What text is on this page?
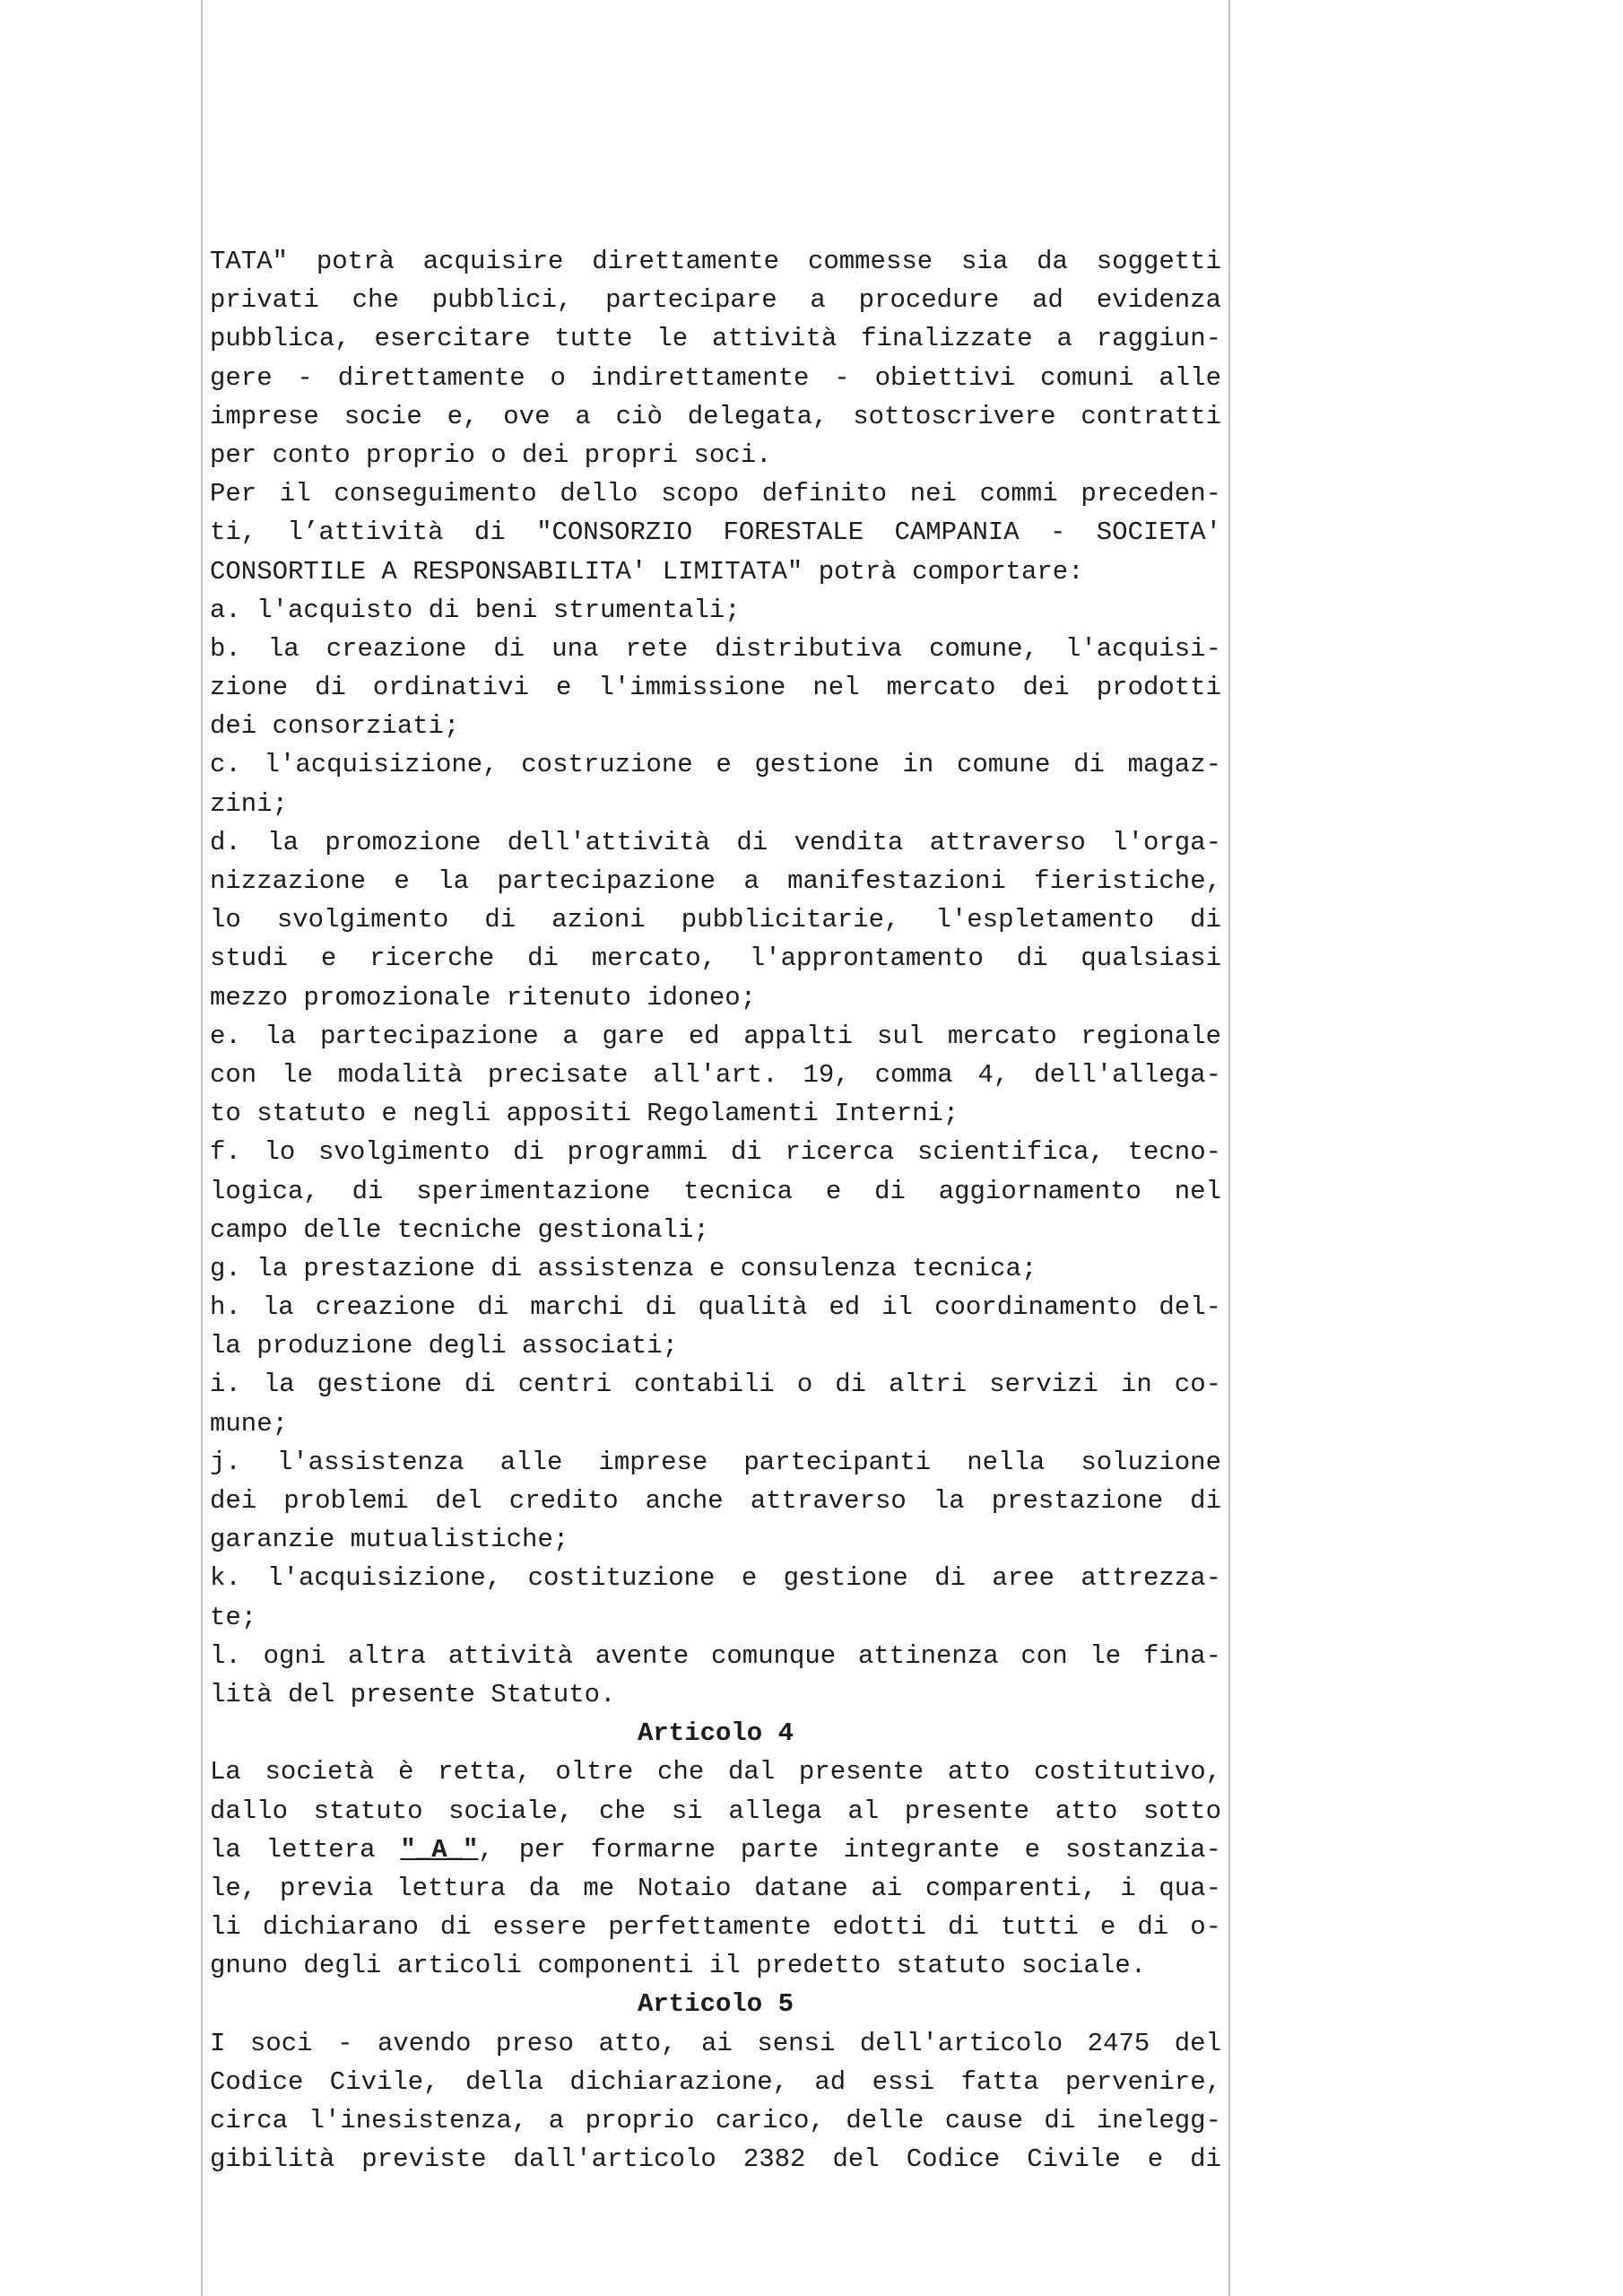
TATA" potrà acquisire direttamente commesse sia da soggetti
privati che pubblici, partecipare a procedure ad evidenza
pubblica, esercitare tutte le attività finalizzate a raggiun-
gere - direttamente o indirettamente - obiettivi comuni alle
imprese socie e, ove a ciò delegata, sottoscrivere contratti
per conto proprio o dei propri soci.
Per il conseguimento dello scopo definito nei commi preceden-
ti, l’attività di "CONSORZIO FORESTALE CAMPANIA - SOCIETA'
CONSORTILE A RESPONSABILITA' LIMITATA" potrà comportare:
a. l'acquisto di beni strumentali;
b. la creazione di una rete distributiva comune, l'acquisi-
zione di ordinativi e l'immissione nel mercato dei prodotti
dei consorziati;
c. l'acquisizione, costruzione e gestione in comune di magaz-
zini;
d. la promozione dell'attività di vendita attraverso l'orga-
nizzazione e la partecipazione a manifestazioni fieristiche,
lo svolgimento di azioni pubblicitarie, l'espletamento di
studi e ricerche di mercato, l'approntamento di qualsiasi
mezzo promozionale ritenuto idoneo;
e. la partecipazione a gare ed appalti sul mercato regionale
con le modalità precisate all'art. 19, comma 4, dell'allega-
to statuto e negli appositi Regolamenti Interni;
f. lo svolgimento di programmi di ricerca scientifica, tecno-
logica, di sperimentazione tecnica e di aggiornamento nel
campo delle tecniche gestionali;
g. la prestazione di assistenza e consulenza tecnica;
h. la creazione di marchi di qualità ed il coordinamento del-
la produzione degli associati;
i. la gestione di centri contabili o di altri servizi in co-
mune;
j. l'assistenza alle imprese partecipanti nella soluzione
dei problemi del credito anche attraverso la prestazione di
garanzie mutualistiche;
k. l'acquisizione, costituzione e gestione di aree attrezza-
te;
l. ogni altra attività avente comunque attinenza con le fina-
lità del presente Statuto.
Articolo 4
La società è retta, oltre che dal presente atto costitutivo,
dallo statuto sociale, che si allega al presente atto sotto
la lettera "_A_", per formarne parte integrante e sostanzia-
le, previa lettura da me Notaio datane ai comparenti, i qua-
li dichiarano di essere perfettamente edotti di tutti e di o-
gnuno degli articoli componenti il predetto statuto sociale.
Articolo 5
I soci - avendo preso atto, ai sensi dell'articolo 2475 del
Codice Civile, della dichiarazione, ad essi fatta pervenire,
circa l'inesistenza, a proprio carico, delle cause di inelegg-
gibilità previste dall'articolo 2382 del Codice Civile e di
